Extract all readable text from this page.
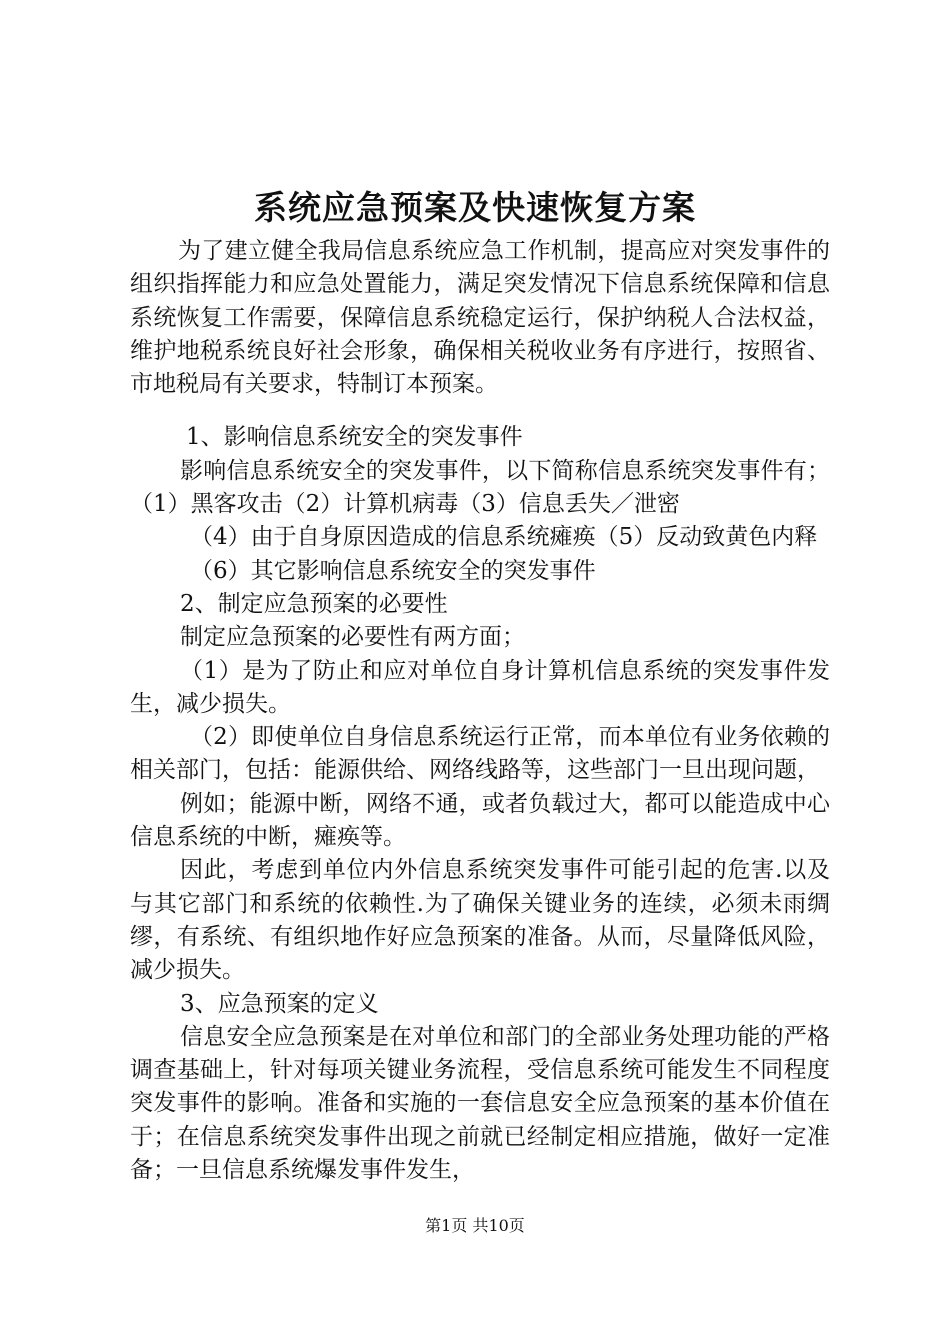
系统应急预案及快速恢复方案

为了建立健全我局信息系统应急工作机制，提高应对突发事件的组织指挥能力和应急处置能力，满足突发情况下信息系统保障和信息系统恢复工作需要，保障信息系统稳定运行，保护纳税人合法权益，维护地税系统良好社会形象，确保相关税收业务有序进行，按照省、市地税局有关要求，特制订本预案。

1、影响信息系统安全的突发事件

影响信息系统安全的突发事件，以下简称信息系统突发事件有；（1）黑客攻击（2）计算机病毒（3）信息丢失／泄密

（4）由于自身原因造成的信息系统瘫痪（5）反动致黄色内释

（6）其它影响信息系统安全的突发事件

2、制定应急预案的必要性

制定应急预案的必要性有两方面；

（1）是为了防止和应对单位自身计算机信息系统的突发事件发生，减少损失。

（2）即使单位自身信息系统运行正常，而本单位有业务依赖的相关部门，包括：能源供给、网络线路等，这些部门一旦出现问题，

例如；能源中断，网络不通，或者负载过大，都可以能造成中心信息系统的中断，瘫痪等。

因此，考虑到单位内外信息系统突发事件可能引起的危害.以及与其它部门和系统的依赖性.为了确保关键业务的连续，必须未雨绸缪，有系统、有组织地作好应急预案的准备。从而，尽量降低风险，减少损失。

3、应急预案的定义

信息安全应急预案是在对单位和部门的全部业务处理功能的严格调查基础上，针对每项关键业务流程，受信息系统可能发生不同程度突发事件的影响。准备和实施的一套信息安全应急预案的基本价值在于；在信息系统突发事件出现之前就已经制定相应措施，做好一定准备；一旦信息系统爆发事件发生，

第1页 共10页
